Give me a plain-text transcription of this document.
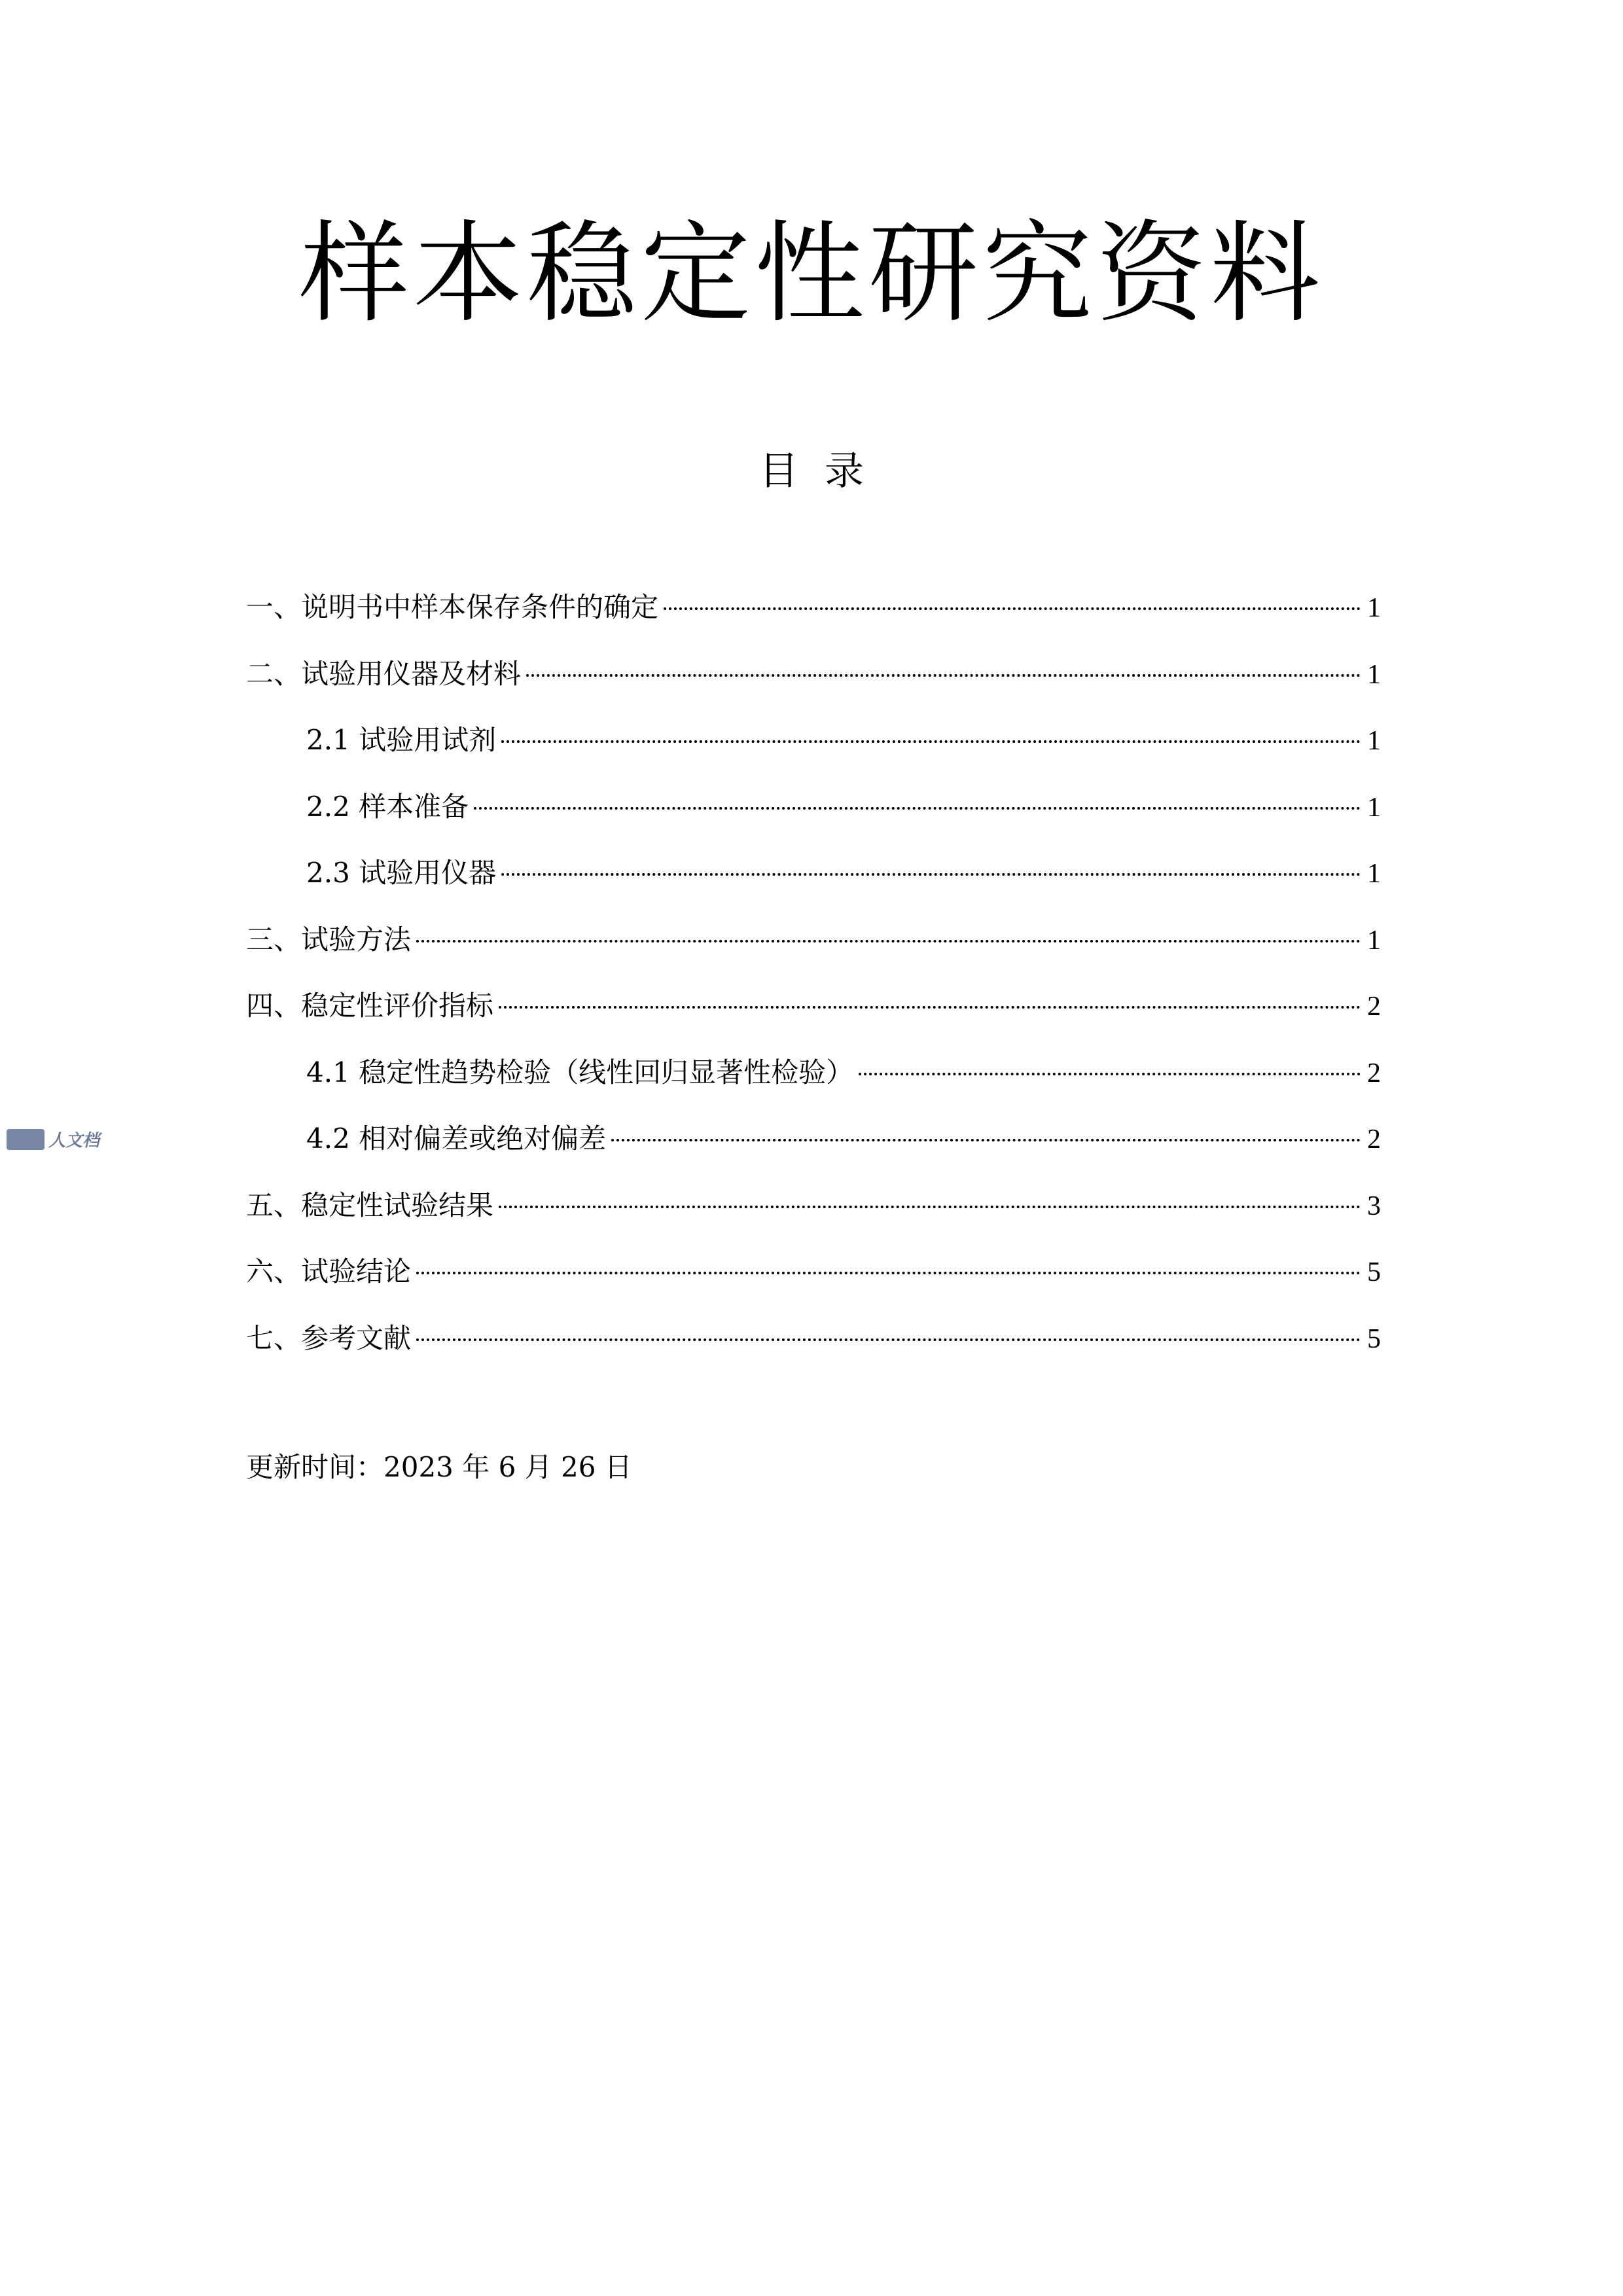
人文档
样本稳定性研究资料
目 录
一、说明书中样本保存条件的确定	1
二、试验用仪器及材料	1
2.1 试验用试剂	1
2.2 样本准备	1
2.3 试验用仪器	1
三、试验方法	1
四、稳定性评价指标	2
4.1 稳定性趋势检验（线性回归显著性检验）	2
4.2 相对偏差或绝对偏差	2
五、稳定性试验结果	3
六、试验结论	5
七、参考文献	5
更新时间：2023 年 6 月 26 日
